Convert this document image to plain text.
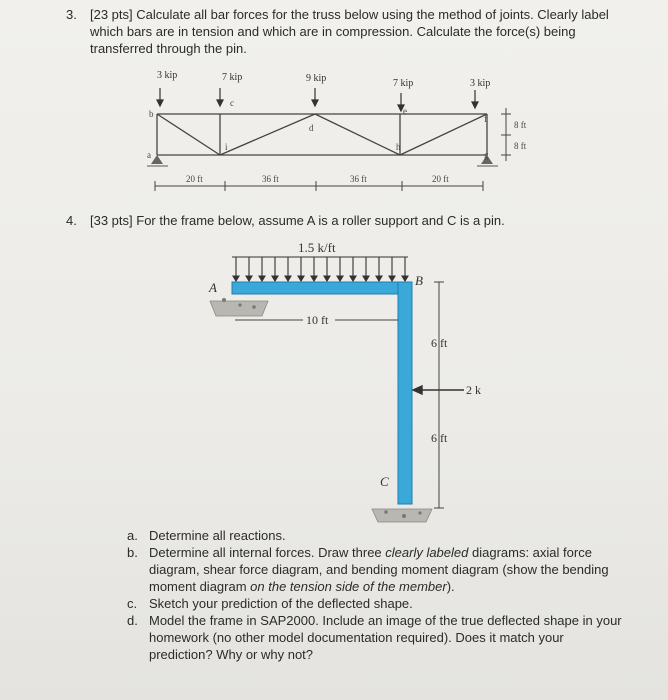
3. [23 pts] Calculate all bar forces for the truss below using the method of joints. Clearly label which bars are in tension and which are in compression. Calculate the force(s) being transferred through the pin.
3 kip	7 kip	9 kip	7 kip	3 kip
a
b
c
d
e
f
g
h
i
20 ft	36 ft	36 ft	20 ft
8 ft
8 ft
4. [33 pts] For the frame below, assume A is a roller support and C is a pin.
1.5 k/ft
A	B
C
10 ft
6 ft
6 ft
2 k

a. Determine all reactions.

b. Determine all internal forces. Draw three clearly labeled diagrams: axial force diagram, shear force diagram, and bending moment diagram (show the bending moment diagram on the tension side of the member).

c. Sketch your prediction of the deflected shape.

d. Model the frame in SAP2000. Include an image of the true deflected shape in your homework (no other model documentation required). Does it match your prediction? Why or why not?
